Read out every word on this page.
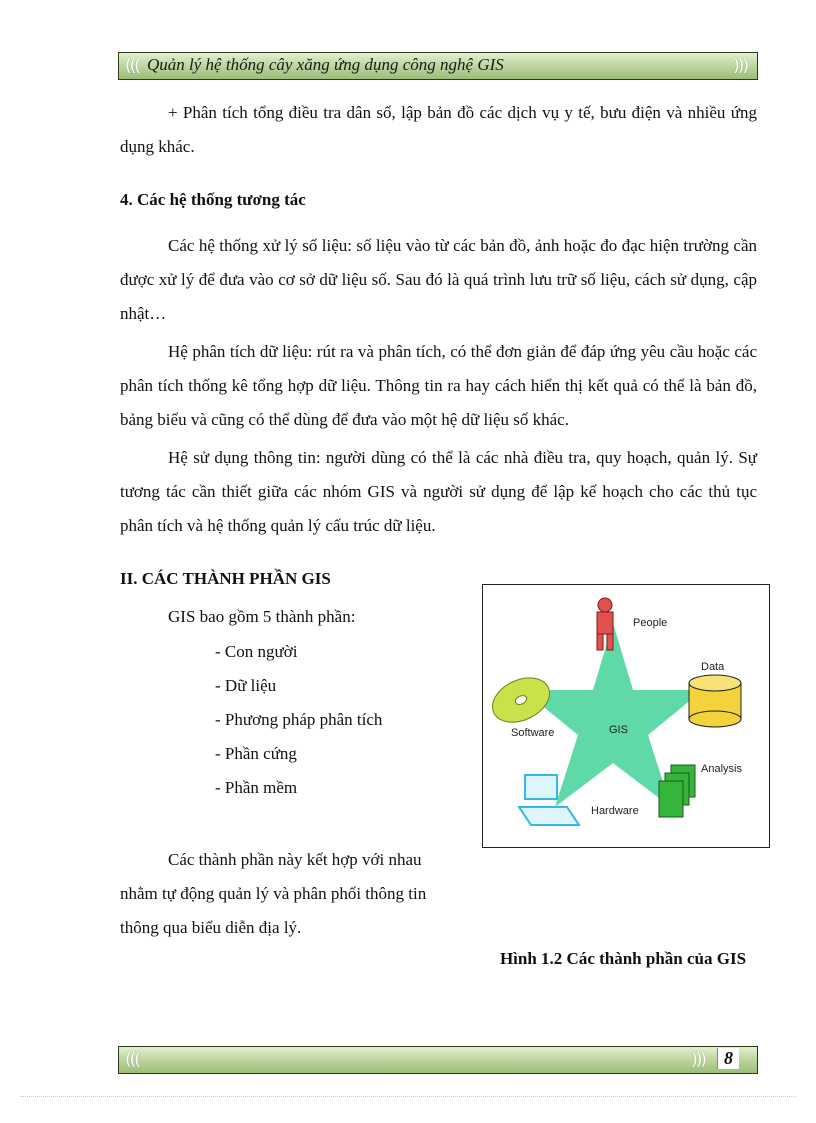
((( Quản lý hệ thống cây xăng ứng dụng công nghệ GIS	)))

+ Phân tích tổng điều tra dân số, lập bản đồ các dịch vụ y tế, bưu điện và nhiều ứng dụng khác.

4. Các hệ thống tương tác

Các hệ thống xử lý số liệu: số liệu vào từ các bản đồ, ảnh hoặc đo đạc hiện trường cần được xử lý để đưa vào cơ sở dữ liệu số. Sau đó là quá trình lưu trữ số liệu, cách sử dụng, cập nhật…

Hệ phân tích dữ liệu: rút ra và phân tích, có thể đơn giản để đáp ứng yêu cầu hoặc các phân tích thống kê tổng hợp dữ liệu. Thông tin ra hay cách hiển thị kết quả có thể là bản đồ, bảng biểu và cũng có thể dùng để đưa vào một hệ dữ liệu số khác.

Hệ sử dụng thông tin: người dùng có thể là các nhà điều tra, quy hoạch, quản lý. Sự tương tác cần thiết giữa các nhóm GIS và người sử dụng để lập kế hoạch cho các thủ tục phân tích và hệ thống quản lý cấu trúc dữ liệu.

II. CÁC THÀNH PHẦN GIS

GIS bao gồm 5 thành phần:

- Con người

- Dữ liệu

- Phương pháp phân tích

- Phần cứng

- Phần mềm

Các thành phần này kết hợp với nhau nhằm tự động quản lý và phân phối thông tin thông qua biểu diễn địa lý.

GIS
People
Data
Software
Analysis
Hardware

Hình 1.2 Các thành phần của GIS

(((	)))	8
